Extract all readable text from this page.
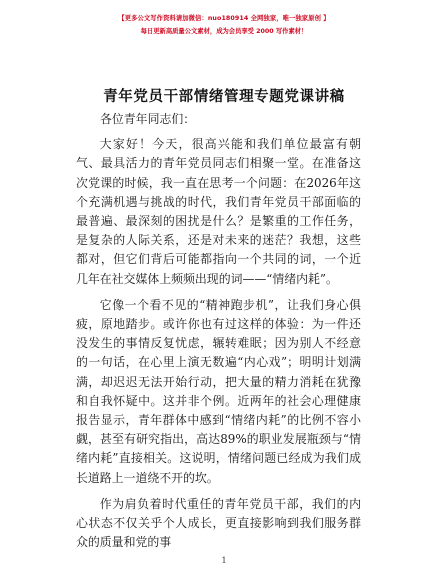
【更多公文写作资料请加微信：nuo180914 全网独家，唯一独家原创 】
每日更新高质量公文素材，成为会员享受 2000 写作素材！
青年党员干部情绪管理专题党课讲稿

各位青年同志们：

大家好！今天，很高兴能和我们单位最富有朝气、最具活力的青年党员同志们相聚一堂。在准备这次党课的时候，我一直在思考一个问题：在2026年这个充满机遇与挑战的时代，我们青年党员干部面临的最普遍、最深刻的困扰是什么？是繁重的工作任务，是复杂的人际关系，还是对未来的迷茫？我想，这些都对，但它们背后可能都指向一个共同的词，一个近几年在社交媒体上频频出现的词——“情绪内耗”。

它像一个看不见的“精神跑步机”，让我们身心俱疲，原地踏步。或许你也有过这样的体验：为一件还没发生的事情反复忧虑，辗转难眠；因为别人不经意的一句话，在心里上演无数遍“内心戏”；明明计划满满，却迟迟无法开始行动，把大量的精力消耗在犹豫和自我怀疑中。这并非个例。近两年的社会心理健康报告显示，青年群体中感到“情绪内耗”的比例不容小觑，甚至有研究指出，高达89%的职业发展瓶颈与“情绪内耗”直接相关。这说明，情绪问题已经成为我们成长道路上一道绕不开的坎。

作为肩负着时代重任的青年党员干部，我们的内心状态不仅关乎个人成长，更直接影响到我们服务群众的质量和党的事

1
